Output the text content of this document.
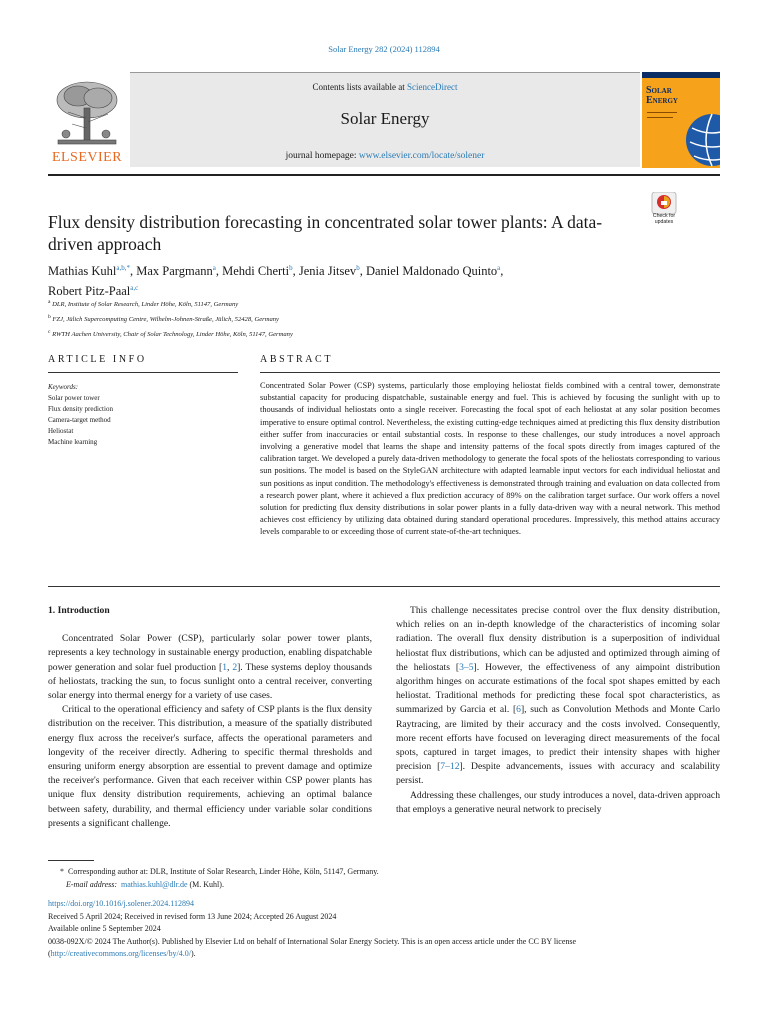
Solar Energy 282 (2024) 112894
ELSEVIER
Contents lists available at ScienceDirect
Solar Energy
journal homepage: www.elsevier.com/locate/solener
Solar
Energy
Flux density distribution forecasting in concentrated solar tower plants: A data-driven approach
Check for updates
Mathias Kuhl$^{a,b,*}$, Max Pargmann$^a$, Mehdi Cherti$^b$, Jenia Jitsev$^b$, Daniel Maldonado Quinto$^a$,
Robert Pitz-Paal$^{a,c}$
$^a$ DLR, Institute of Solar Research, Linder Höhe, Köln, 51147, Germany
$^b$ FZJ, Jülich Supercomputing Centre, Wilhelm-Johnen-Straße, Jülich, 52428, Germany
$^c$ RWTH Aachen University, Chair of Solar Technology, Linder Höhe, Köln, 51147, Germany
ARTICLE INFO	ABSTRACT
Keywords:
Solar power tower
Flux density prediction
Camera-target method
Heliostat
Machine learning
Concentrated Solar Power (CSP) systems, particularly those employing heliostat fields combined with a central tower, demonstrate substantial capacity for producing dispatchable, sustainable energy and fuel. This is achieved by focusing the sunlight with up to thousands of individual heliostats onto a single receiver. Forecasting the focal spot of each heliostat at any solar position becomes imperative to ensure optimal control. Nevertheless, the existing cutting-edge techniques aimed at predicting this flux density distribution either suffer from inaccuracies or entail substantial costs. In response to these challenges, our study introduces a novel approach involving a generative model that learns the shape and intensity patterns of the focal spots directly from images captured of the calibration target. We developed a purely data-driven methodology to generate the focal spots of the heliostats corresponding to various sun positions. The model is based on the StyleGAN architecture with adapted learnable input vectors for each individual heliostat and sun positions as input condition. The methodology's effectiveness is demonstrated through training and evaluation on data collected from a research power plant, where it achieved a flux prediction accuracy of 89% on the calibration target surface. Our work offers a novel solution for predicting flux density distributions in solar power plants in a fully data-driven way with a neural network. This method achieves cost efficiency by utilizing data obtained during standard operational procedures. Impressively, this method attains accuracy levels comparable to or exceeding those of current state-of-the-art techniques.

1. Introduction

Concentrated Solar Power (CSP), particularly solar power tower plants, represents a key technology in sustainable energy production, enabling dispatchable power generation and solar fuel production [1, 2]. These systems deploy thousands of heliostats, tracking the sun, to focus sunlight onto a central receiver, converting solar energy into thermal energy for a variety of use cases.

Critical to the operational efficiency and safety of CSP plants is the flux density distribution on the receiver. This distribution, a measure of the spatially distributed energy flux across the receiver's surface, affects the operational parameters and longevity of the receiver directly. Adhering to specific thermal thresholds and ensuring uniform energy absorption are essential to prevent damage and optimize the receiver's performance. Given that each receiver within CSP power plants has unique flux density distribution requirements, achieving an optimal balance between safety, durability, and thermal efficiency under variable solar conditions presents a significant challenge.

This challenge necessitates precise control over the flux density distribution, which relies on an in-depth knowledge of the characteristics of incoming solar radiation. The overall flux density distribution is a superposition of individual heliostat flux distributions, which can be adjusted and optimized through aiming of the heliostats [3–5]. However, the effectiveness of any aimpoint distribution algorithm hinges on accurate estimations of the focal spot shapes emitted by each heliostat. Traditional methods for predicting these focal spot characteristics, as summarized by Garcia et al. [6], such as Convolution Methods and Monte Carlo Raytracing, are limited by their accuracy and the costs involved. Consequently, more recent efforts have focused on leveraging direct measurements of the focal spots, captured in target images, to predict their intensity shapes with higher precision [7–12]. Despite advancements, issues with accuracy and scalability persist.

Addressing these challenges, our study introduces a novel, data-driven approach that employs a generative neural network to precisely

* Corresponding author at: DLR, Institute of Solar Research, Linder Höhe, Köln, 51147, Germany.
E-mail address: mathias.kuhl@dlr.de (M. Kuhl).
https://doi.org/10.1016/j.solener.2024.112894
Received 5 April 2024; Received in revised form 13 June 2024; Accepted 26 August 2024
Available online 5 September 2024
0038-092X/© 2024 The Author(s). Published by Elsevier Ltd on behalf of International Solar Energy Society. This is an open access article under the CC BY license
(http://creativecommons.org/licenses/by/4.0/).
